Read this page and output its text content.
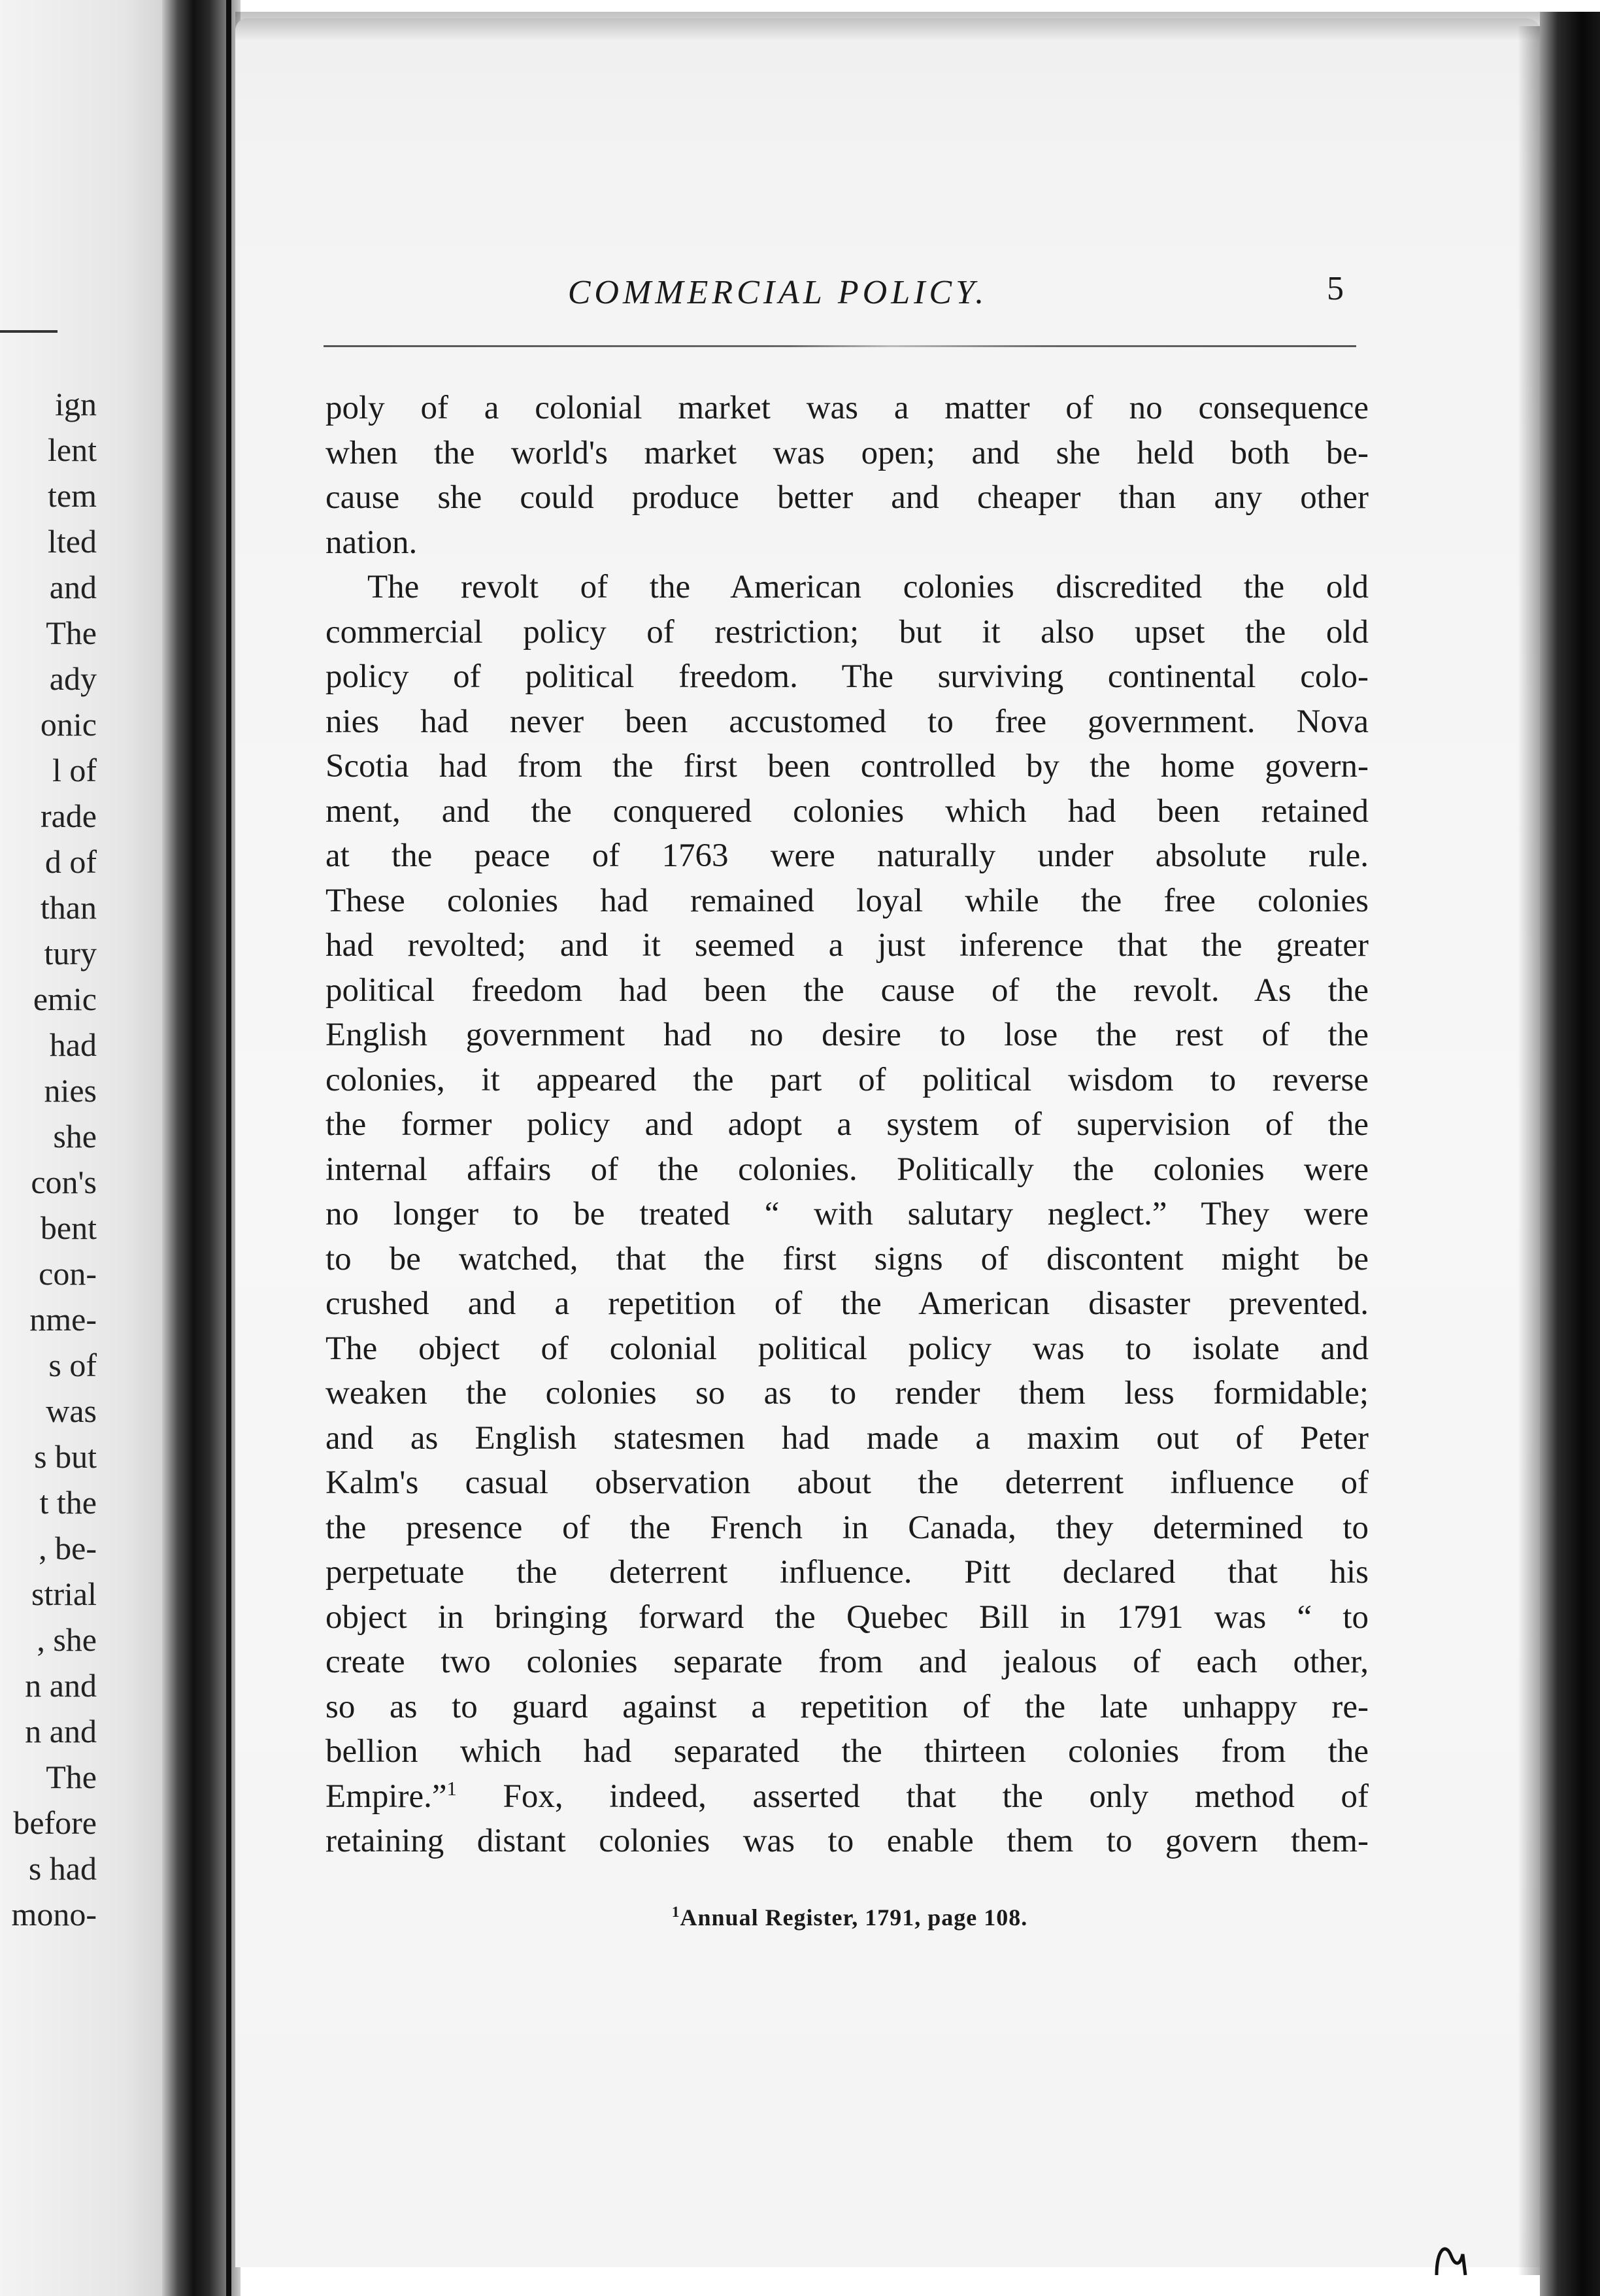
ign
lent
tem
lted
and
The
ady
onic
l of
rade
d of
than
tury
emic
had
nies
she
con's
bent
con-
nme-
s of
was
s but
t the
, be-
strial
, she
n and
n and
The
before
s had
mono-
COMMERCIAL POLICY.	5
poly of a colonial market was a matter of no consequence
when the world's market was open; and she held both be-
cause she could produce better and cheaper than any other
nation.
The revolt of the American colonies discredited the old
commercial policy of restriction; but it also upset the old
policy of political freedom. The surviving continental colo-
nies had never been accustomed to free government. Nova
Scotia had from the first been controlled by the home govern-
ment, and the conquered colonies which had been retained
at the peace of 1763 were naturally under absolute rule.
These colonies had remained loyal while the free colonies
had revolted; and it seemed a just inference that the greater
political freedom had been the cause of the revolt. As the
English government had no desire to lose the rest of the
colonies, it appeared the part of political wisdom to reverse
the former policy and adopt a system of supervision of the
internal affairs of the colonies. Politically the colonies were
no longer to be treated “ with salutary neglect.” They were
to be watched, that the first signs of discontent might be
crushed and a repetition of the American disaster prevented.
The object of colonial political policy was to isolate and
weaken the colonies so as to render them less formidable;
and as English statesmen had made a maxim out of Peter
Kalm's casual observation about the deterrent influence of
the presence of the French in Canada, they determined to
perpetuate the deterrent influence. Pitt declared that his
object in bringing forward the Quebec Bill in 1791 was “ to
create two colonies separate from and jealous of each other,
so as to guard against a repetition of the late unhappy re-
bellion which had separated the thirteen colonies from the
Empire.”$^1$ Fox, indeed, asserted that the only method of
retaining distant colonies was to enable them to govern them-
$^1$Annual Register, 1791, page 108.
